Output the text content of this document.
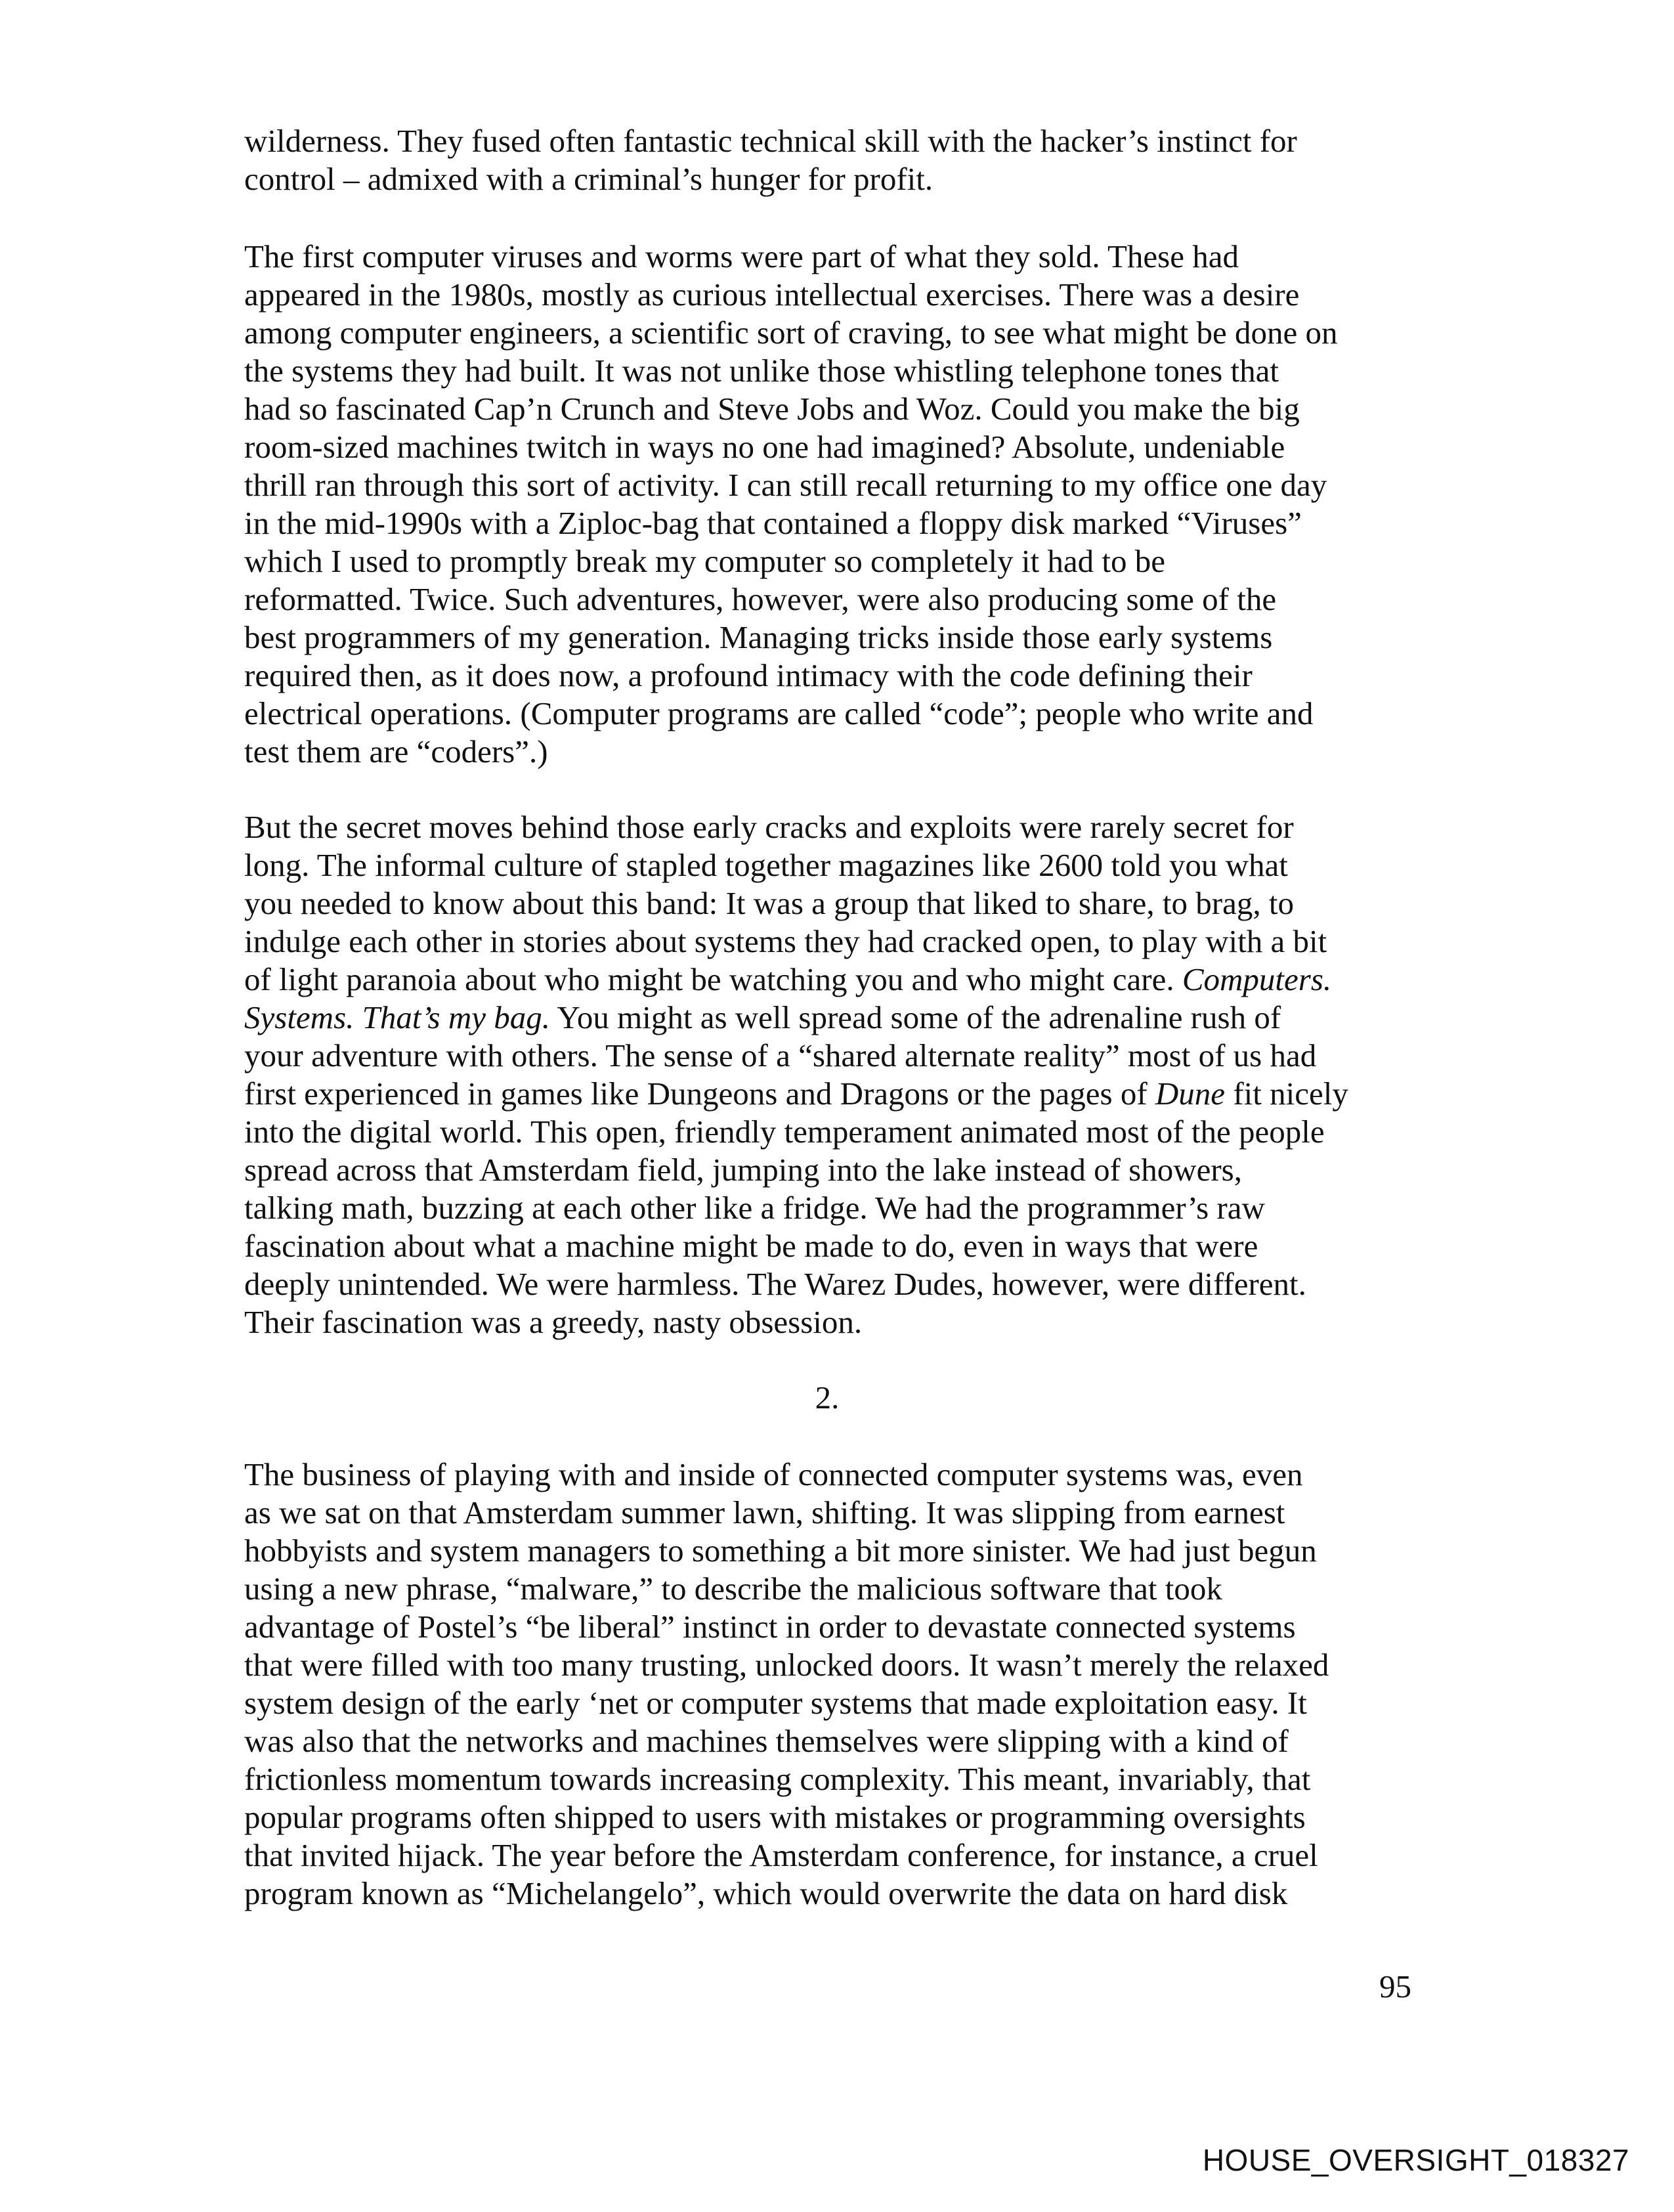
wilderness. They fused often fantastic technical skill with the hacker’s instinct for
control – admixed with a criminal’s hunger for profit.
The first computer viruses and worms were part of what they sold. These had
appeared in the 1980s, mostly as curious intellectual exercises. There was a desire
among computer engineers, a scientific sort of craving, to see what might be done on
the systems they had built. It was not unlike those whistling telephone tones that
had so fascinated Cap’n Crunch and Steve Jobs and Woz. Could you make the big
room-sized machines twitch in ways no one had imagined? Absolute, undeniable
thrill ran through this sort of activity. I can still recall returning to my office one day
in the mid-1990s with a Ziploc-bag that contained a floppy disk marked “Viruses”
which I used to promptly break my computer so completely it had to be
reformatted. Twice. Such adventures, however, were also producing some of the
best programmers of my generation. Managing tricks inside those early systems
required then, as it does now, a profound intimacy with the code defining their
electrical operations. (Computer programs are called “code”; people who write and
test them are “coders”.)
But the secret moves behind those early cracks and exploits were rarely secret for
long. The informal culture of stapled together magazines like 2600 told you what
you needed to know about this band: It was a group that liked to share, to brag, to
indulge each other in stories about systems they had cracked open, to play with a bit
of light paranoia about who might be watching you and who might care. Computers.
Systems. That’s my bag. You might as well spread some of the adrenaline rush of
your adventure with others. The sense of a “shared alternate reality” most of us had
first experienced in games like Dungeons and Dragons or the pages of Dune fit nicely
into the digital world. This open, friendly temperament animated most of the people
spread across that Amsterdam field, jumping into the lake instead of showers,
talking math, buzzing at each other like a fridge. We had the programmer’s raw
fascination about what a machine might be made to do, even in ways that were
deeply unintended. We were harmless. The Warez Dudes, however, were different.
Their fascination was a greedy, nasty obsession.
2.
The business of playing with and inside of connected computer systems was, even
as we sat on that Amsterdam summer lawn, shifting. It was slipping from earnest
hobbyists and system managers to something a bit more sinister. We had just begun
using a new phrase, “malware,” to describe the malicious software that took
advantage of Postel’s “be liberal” instinct in order to devastate connected systems
that were filled with too many trusting, unlocked doors. It wasn’t merely the relaxed
system design of the early ‘net or computer systems that made exploitation easy. It
was also that the networks and machines themselves were slipping with a kind of
frictionless momentum towards increasing complexity. This meant, invariably, that
popular programs often shipped to users with mistakes or programming oversights
that invited hijack. The year before the Amsterdam conference, for instance, a cruel
program known as “Michelangelo”, which would overwrite the data on hard disk
95
HOUSE_OVERSIGHT_018327
